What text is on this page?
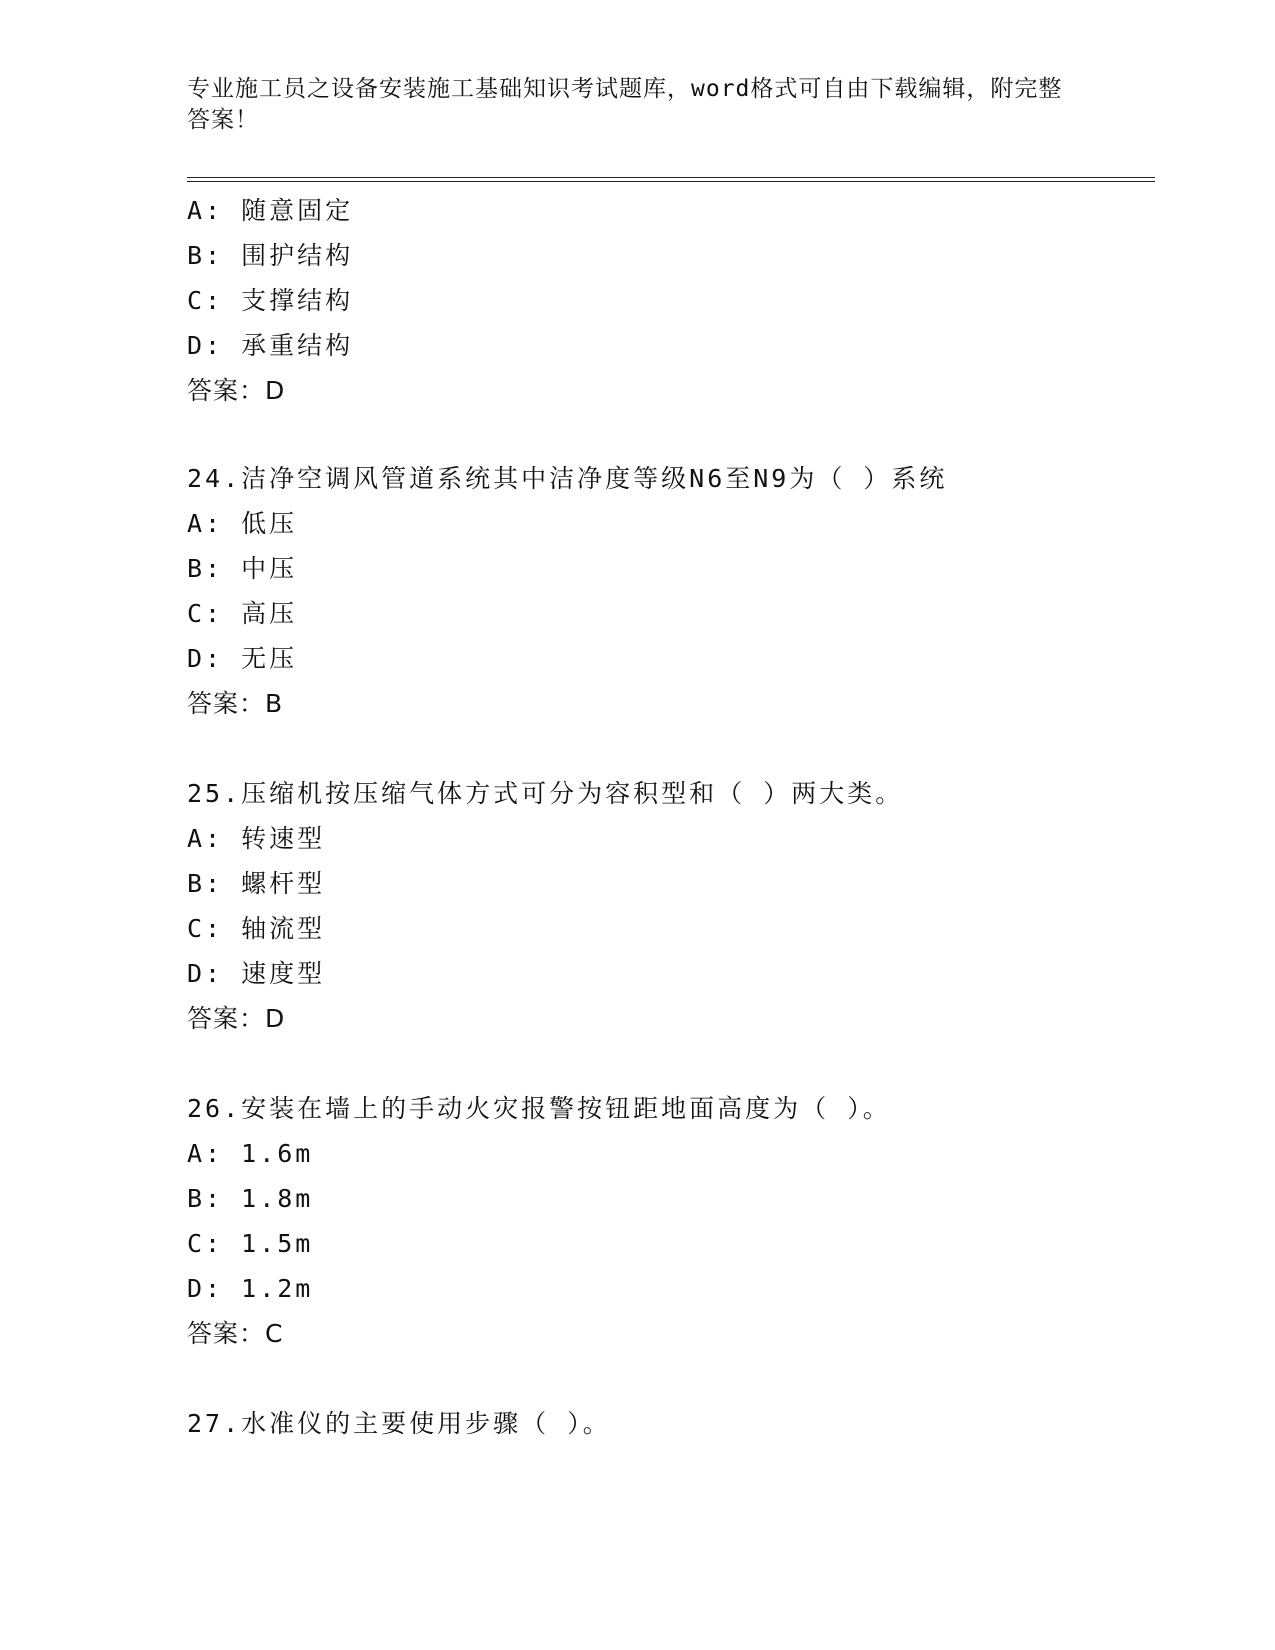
专业施工员之设备安装施工基础知识考试题库，word格式可自由下载编辑，附完整答案！
A: 随意固定
B: 围护结构
C: 支撑结构
D: 承重结构
答案：D
24.洁净空调风管道系统其中洁净度等级N6至N9为（ ）系统
A: 低压
B: 中压
C: 高压
D: 无压
答案：B
25.压缩机按压缩气体方式可分为容积型和（ ）两大类。
A: 转速型
B: 螺杆型
C: 轴流型
D: 速度型
答案：D
26.安装在墙上的手动火灾报警按钮距地面高度为（ ）。
A: 1.6m
B: 1.8m
C: 1.5m
D: 1.2m
答案：C
27.水准仪的主要使用步骤（ ）。
